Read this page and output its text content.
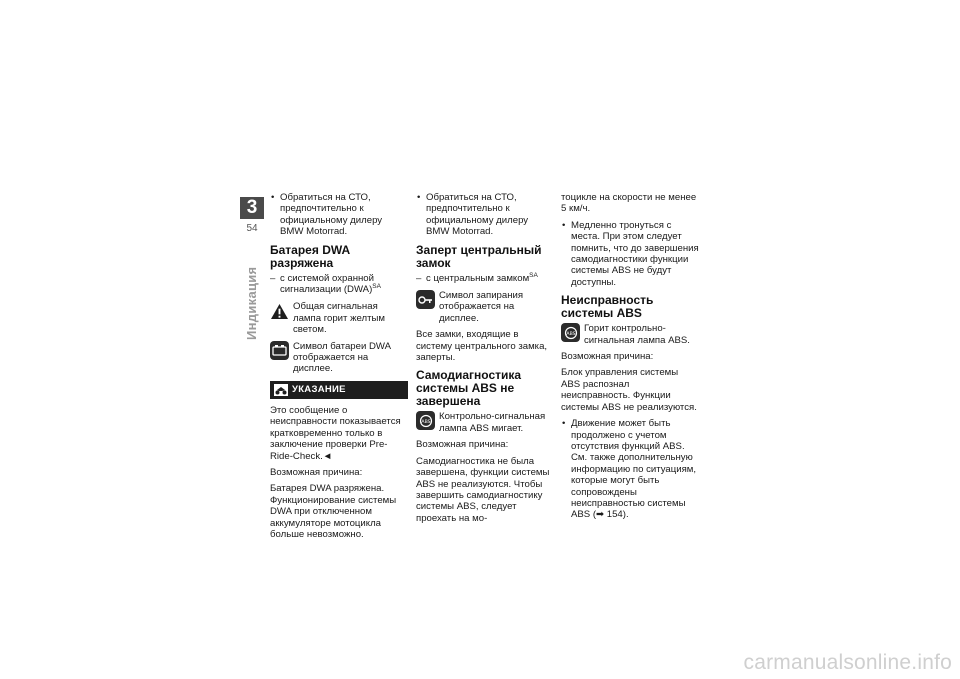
3
54
Индикация
• Обратиться на СТО, предпочтительно к официальному дилеру BMW Motorrad.
Батарея DWA разряжена
– с системой охранной сигнализации (DWA)$^{SA}$
Общая сигнальная лампа горит желтым светом.
Символ батареи DWA отображается на дисплее.
УКАЗАНИЕ

Это сообщение о неисправности показывается кратковременно только в заключение проверки Pre-Ride-Check.◄

Возможная причина:

Батарея DWA разряжена. Функционирование системы DWA при отключенном аккумуляторе мотоцикла больше невозможно.

• Обратиться на СТО, предпочтительно к официальному дилеру BMW Motorrad.
Заперт центральный замок
– с центральным замком$^{SA}$
Символ запирания отображается на дисплее.

Все замки, входящие в систему центрального замка, заперты.

Самодиагностика системы ABS не завершена
ABS Контрольно-сигнальная лампа ABS мигает.

Возможная причина:

Самодиагностика не была завершена, функции системы ABS не реализуются. Чтобы завершить самодиагностику системы ABS, следует проехать на мо-

тоцикле на скорости не менее 5 км/ч.

• Медленно тронуться с места. При этом следует помнить, что до завершения самодиагностики функции системы ABS не будут доступны.
Неисправность системы ABS
ABS Горит контрольно-сигнальная лампа ABS.

Возможная причина:

Блок управления системы ABS распознал неисправность. Функции системы ABS не реализуются.

• Движение может быть продолжено с учетом отсутствия функций ABS. См. также дополнительную информацию по ситуациям, которые могут быть сопровождены неисправностью системы ABS (➡ 154).
carmanualsonline.info
